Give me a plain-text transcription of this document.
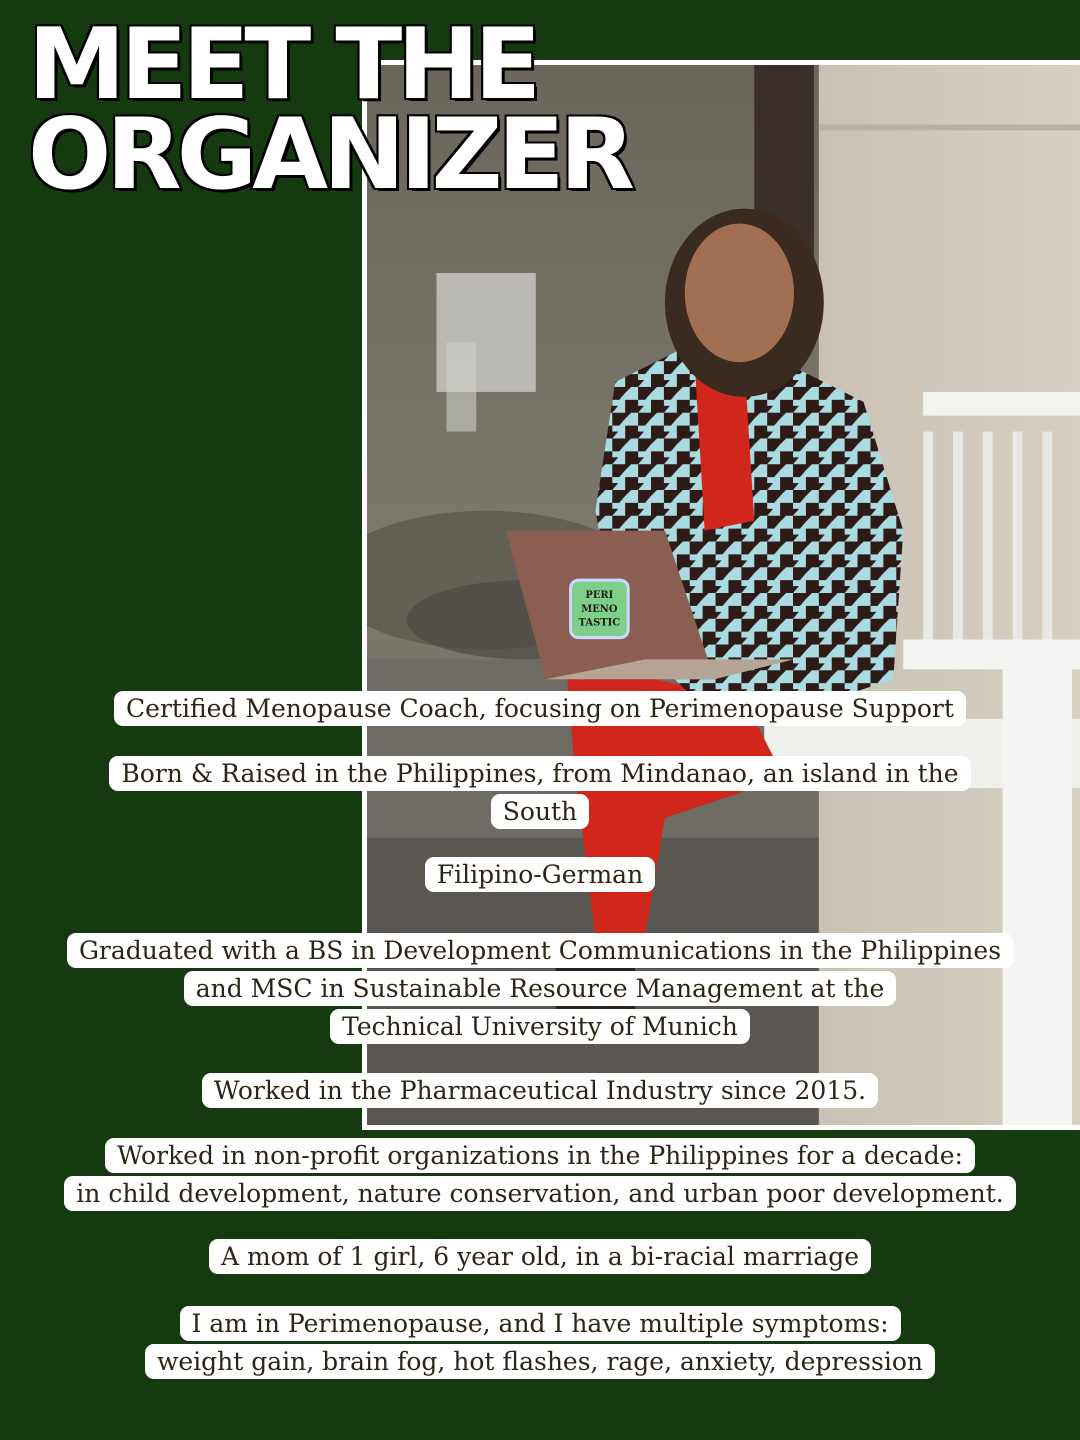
PERI
MENO
TASTIC
MEET THE
ORGANIZER
Certified Menopause Coach, focusing on Perimenopause Support
Born & Raised in the Philippines, from Mindanao, an island in the
South
Filipino-German
Graduated with a BS in Development Communications in the Philippines
and MSC in Sustainable Resource Management at the
Technical University of Munich
Worked in the Pharmaceutical Industry since 2015.
Worked in non-profit organizations in the Philippines for a decade:
in child development, nature conservation, and urban poor development.
A mom of 1 girl, 6 year old, in a bi-racial marriage
I am in Perimenopause, and I have multiple symptoms:
weight gain, brain fog, hot flashes, rage, anxiety, depression
